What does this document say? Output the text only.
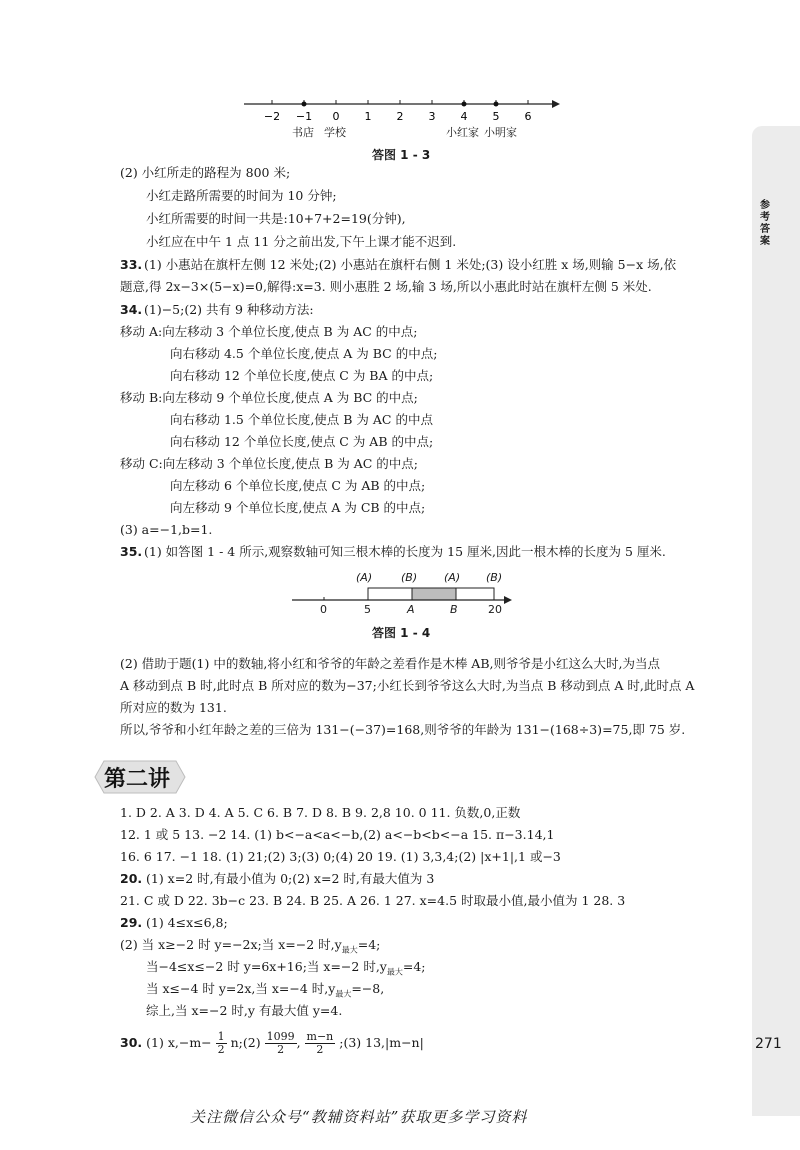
参考答案
−2 −1 0 1 2 3 4 5 6
书店 学校	小红家 小明家
答图 1 - 3
(2) 小红所走的路程为 800 米;
小红走路所需要的时间为 10 分钟;
小红所需要的时间一共是:10+7+2=19(分钟),
小红应在中午 1 点 11 分之前出发,下午上课才能不迟到.
33. (1) 小惠站在旗杆左侧 12 米处;(2) 小惠站在旗杆右侧 1 米处;(3) 设小红胜 x 场,则输 5−x 场,依
题意,得 2x−3×(5−x)=0,解得:x=3. 则小惠胜 2 场,输 3 场,所以小惠此时站在旗杆左侧 5 米处.
34. (1)−5;(2) 共有 9 种移动方法:
移动 A:向左移动 3 个单位长度,使点 B 为 AC 的中点;
向右移动 4.5 个单位长度,使点 A 为 BC 的中点;
向右移动 12 个单位长度,使点 C 为 BA 的中点;
移动 B:向左移动 9 个单位长度,使点 A 为 BC 的中点;
向右移动 1.5 个单位长度,使点 B 为 AC 的中点
向右移动 12 个单位长度,使点 C 为 AB 的中点;
移动 C:向左移动 3 个单位长度,使点 B 为 AC 的中点;
向左移动 6 个单位长度,使点 C 为 AB 的中点;
向左移动 9 个单位长度,使点 A 为 CB 的中点;
(3) a=−1,b=1.
35. (1) 如答图 1 - 4 所示,观察数轴可知三根木棒的长度为 15 厘米,因此一根木棒的长度为 5 厘米.
(A)	(B) (A) (B)
0	5	A	B	20
答图 1 - 4
(2) 借助于题(1) 中的数轴,将小红和爷爷的年龄之差看作是木棒 AB,则爷爷是小红这么大时,为当点
A 移动到点 B 时,此时点 B 所对应的数为−37;小红长到爷爷这么大时,为当点 B 移动到点 A 时,此时点 A
所对应的数为 131.
所以,爷爷和小红年龄之差的三倍为 131−(−37)=168,则爷爷的年龄为 131−(168÷3)=75,即 75 岁.
第二讲
1. D 2. A 3. D 4. A 5. C 6. B 7. D 8. B 9. 2,8 10. 0 11. 负数,0,正数
12. 1 或 5 13. −2 14. (1) b<−a<a<−b,(2) a<−b<b<−a 15. π−3.14,1
16. 6 17. −1 18. (1) 21;(2) 3;(3) 0;(4) 20 19. (1) 3,3,4;(2) |x+1|,1 或−3
20. (1) x=2 时,有最小值为 0;(2) x=2 时,有最大值为 3
21. C 或 D 22. 3b−c 23. B 24. B 25. A 26. 1 27. x=4.5 时取最小值,最小值为 1 28. 3
29. (1) 4≤x≤6,8;
(2) 当 x≥−2 时 y=−2x;当 x=−2 时$,y_{最大}=4$;
当−4≤x≤−2 时 y=6x+16;当 x=−2 时$,y_{最大}=4$;
当 x≤−4 时 y=2x,当 x=−4 时$,y_{最大}=-8$,
综上,当 x=−2 时,y 有最大值 y=4.
30. (1) $x,-m- \frac{1}{2}$ n;(2) $\frac{1099}{2}$ , $\frac{m-n}{2}$ ;(3) 13,|m−n|	271
关注微信公众号“教辅资料站”获取更多学习资料
